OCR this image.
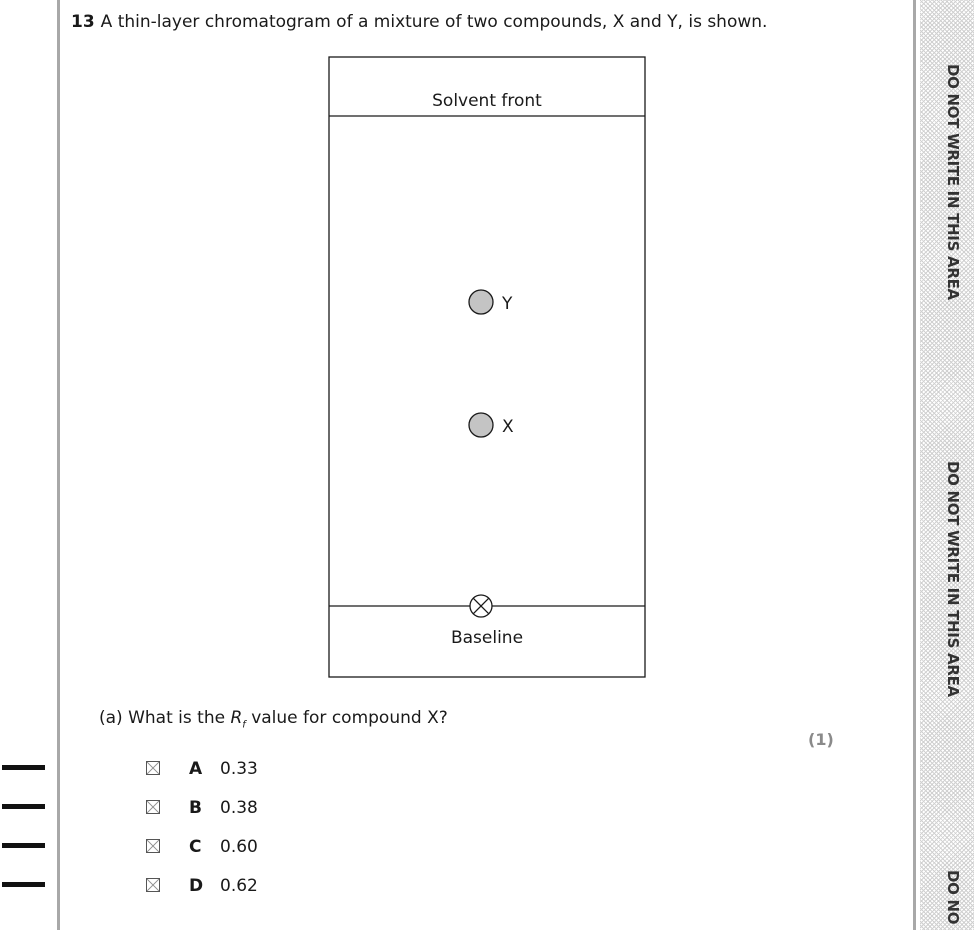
DO NOT WRITE IN THIS AREA
DO NOT WRITE IN THIS AREA
DO NO
13 A thin-layer chromatogram of a mixture of two compounds, X and Y, is shown.
Solvent front
Y
X
Baseline
(a) What is the $R_f$ value for compound X?
(1)
A 0.33
B 0.38
C 0.60
D 0.62
